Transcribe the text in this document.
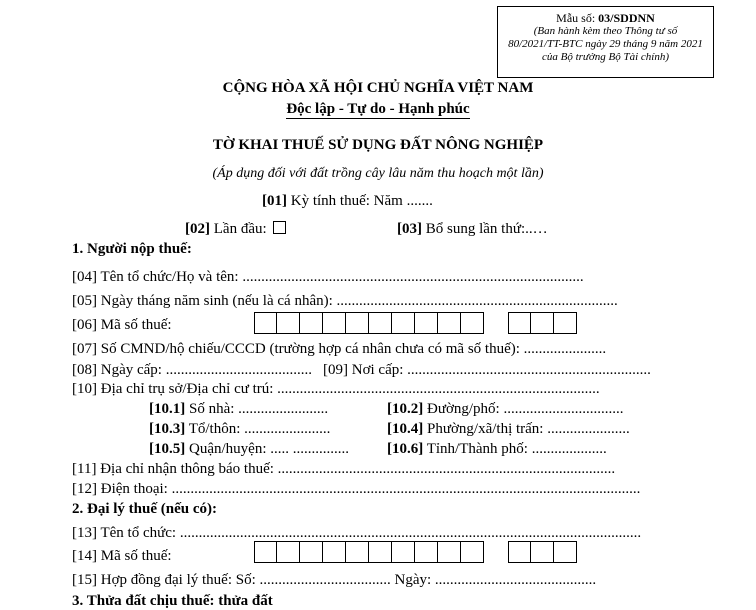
Mẫu số: 03/SDDNN
(Ban hành kèm theo Thông tư số
80/2021/TT-BTC ngày 29 tháng 9 năm 2021
của Bộ trưởng Bộ Tài chính)
CỘNG HÒA XÃ HỘI CHỦ NGHĨA VIỆT NAM
Độc lập - Tự do - Hạnh phúc
TỜ KHAI THUẾ SỬ DỤNG ĐẤT NÔNG NGHIỆP
(Áp dụng đối với đất trồng cây lâu năm thu hoạch một lần)
[01] Kỳ tính thuế: Năm .......
[02] Lần đầu:	[03] Bổ sung lần thứ:..…
1. Người nộp thuế:
[04] Tên tổ chức/Họ và tên: ...........................................................................................
[05] Ngày tháng năm sinh (nếu là cá nhân): ...........................................................................
[06] Mã số thuế:
[07] Số CMND/hộ chiếu/CCCD (trường hợp cá nhân chưa có mã số thuế): ......................
[08] Ngày cấp: ....................................... [09] Nơi cấp: .................................................................
[10] Địa chỉ trụ sở/Địa chỉ cư trú: ......................................................................................
[10.1] Số nhà: ........................	[10.2] Đường/phố: ................................
[10.3] Tổ/thôn: .......................	[10.4] Phường/xã/thị trấn: ......................
[10.5] Quận/huyện: ..... ...............	[10.6] Tỉnh/Thành phố: ....................
[11] Địa chỉ nhận thông báo thuế: ..........................................................................................
[12] Điện thoại: .............................................................................................................................
2. Đại lý thuế (nếu có):
[13] Tên tổ chức: ...........................................................................................................................
[14] Mã số thuế:
[15] Hợp đồng đại lý thuế: Số: ................................... Ngày: ...........................................
3. Thửa đất chịu thuế: thửa đất
